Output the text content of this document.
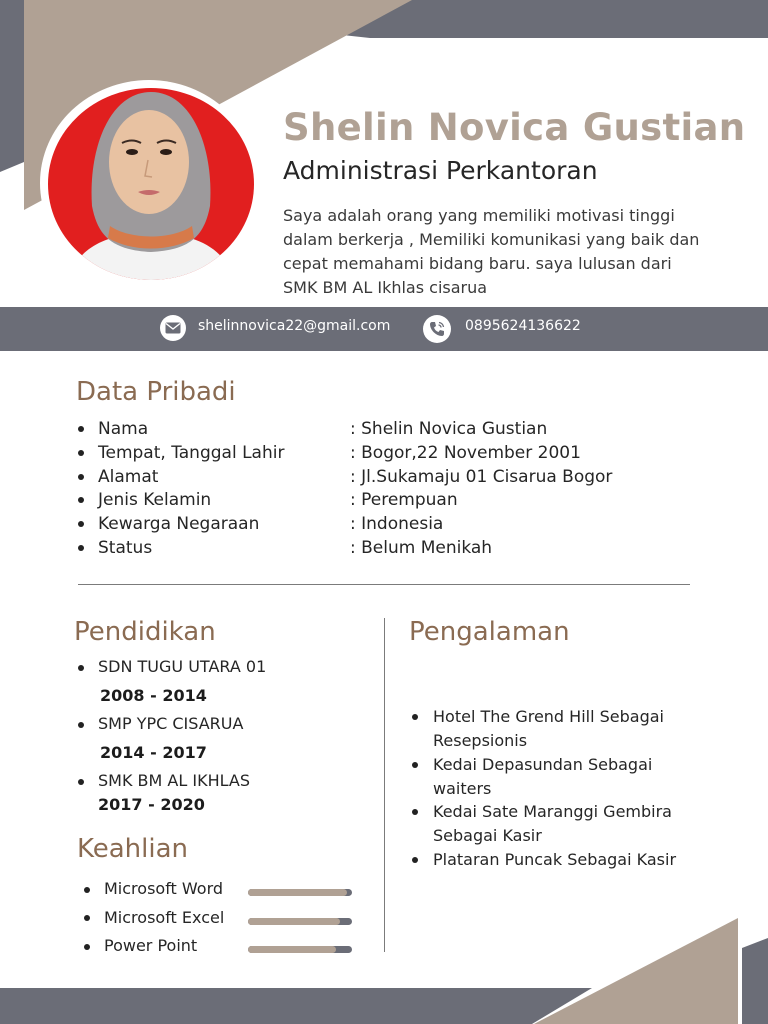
Shelin Novica Gustian
Administrasi Perkantoran
Saya adalah orang yang memiliki motivasi tinggi dalam berkerja , Memiliki komunikasi yang baik dan cepat memahami bidang baru. saya lulusan dari SMK BM AL Ikhlas cisarua
shelinnovica22@gmail.com	0895624136622
Data Pribadi
Nama	: Shelin Novica Gustian
Tempat, Tanggal Lahir	: Bogor,22 November 2001
Alamat	: Jl.Sukamaju 01 Cisarua Bogor
Jenis Kelamin	: Perempuan
Kewarga Negaraan	: Indonesia
Status	: Belum Menikah
Pendidikan
SDN TUGU UTARA 01
2008 - 2014
SMP YPC CISARUA
2014 - 2017
SMK BM AL IKHLAS
2017 - 2020
Keahlian
Microsoft Word
Microsoft Excel
Power Point
Pengalaman
Hotel The Grend Hill Sebagai Resepsionis
Kedai Depasundan Sebagai waiters
Kedai Sate Maranggi Gembira Sebagai Kasir
Plataran Puncak Sebagai Kasir
